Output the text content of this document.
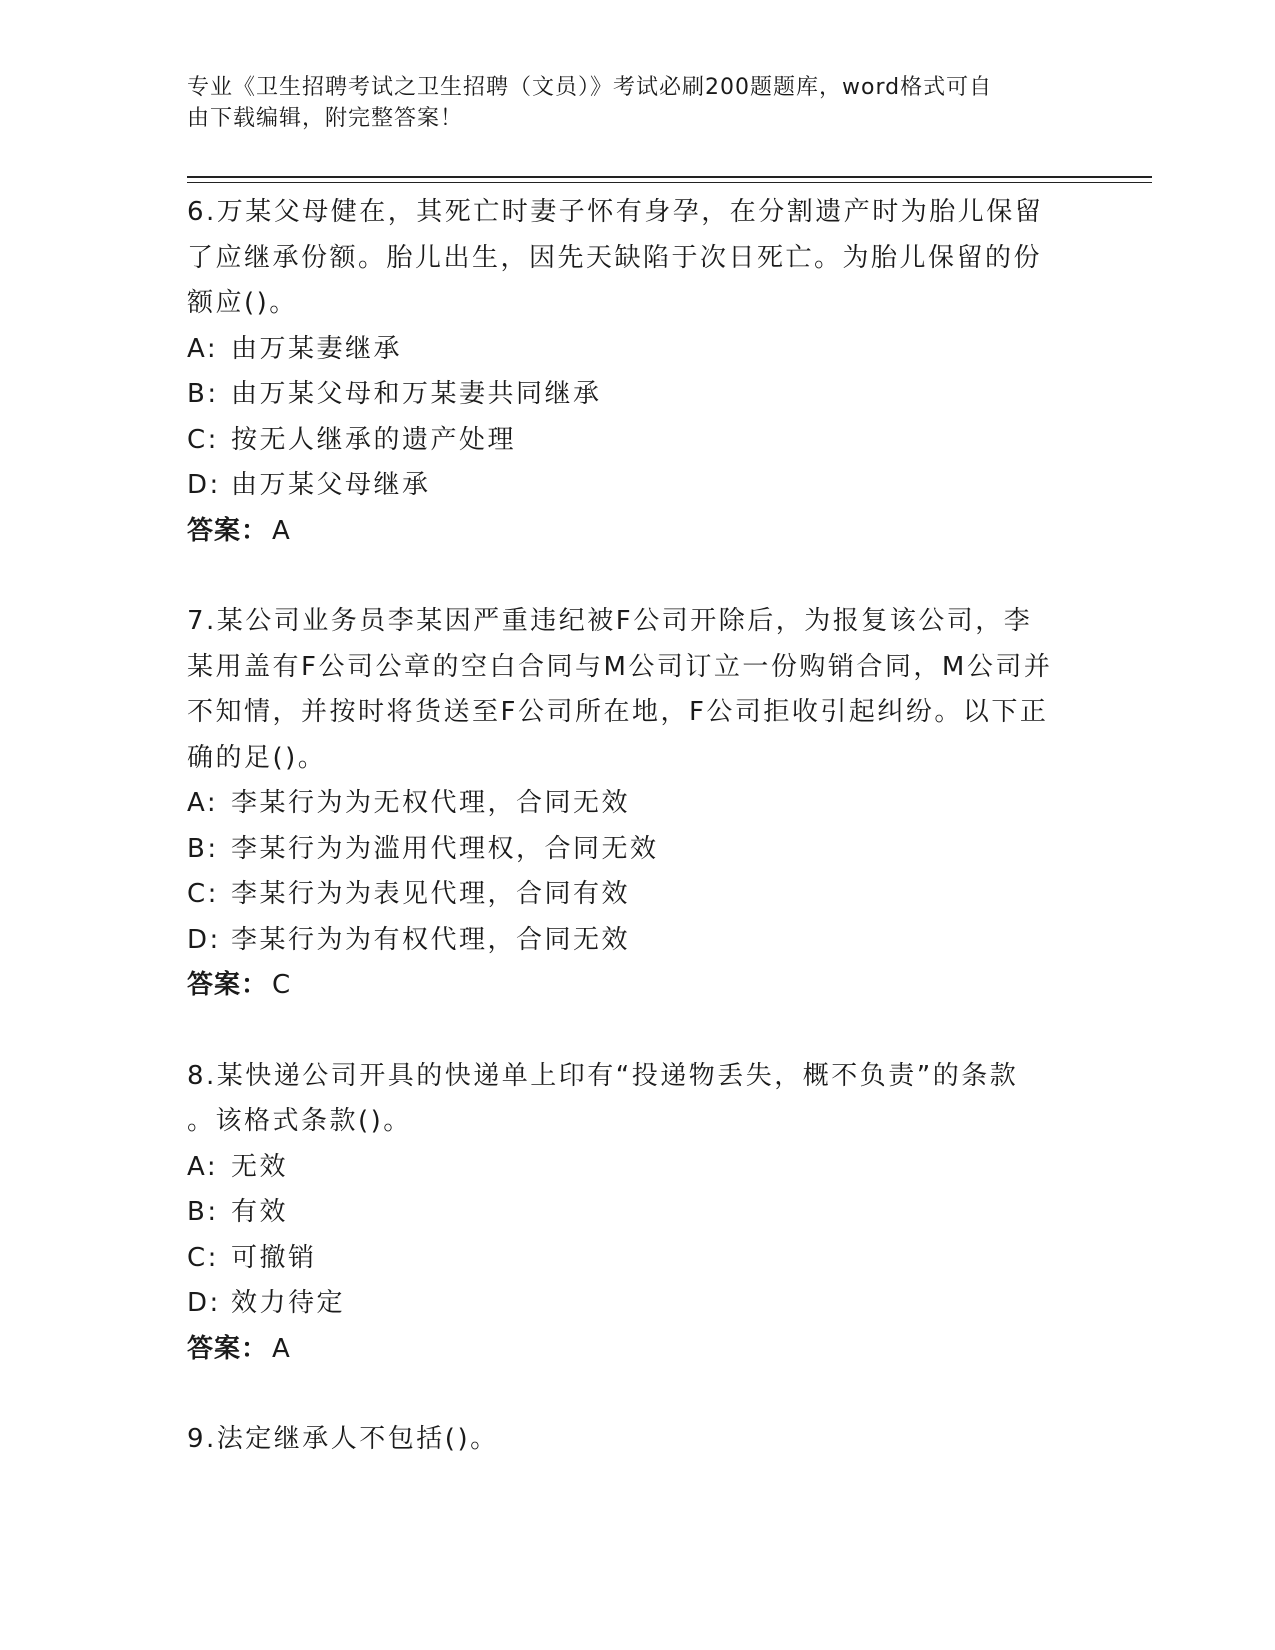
专业《卫生招聘考试之卫生招聘（文员）》考试必刷200题题库，word格式可自
由下载编辑，附完整答案！

6.万某父母健在，其死亡时妻子怀有身孕，在分割遗产时为胎儿保留
了应继承份额。胎儿出生，因先天缺陷于次日死亡。为胎儿保留的份
额应()。

A: 由万某妻继承
B: 由万某父母和万某妻共同继承
C: 按无人继承的遗产处理
D: 由万某父母继承
答案： A

7.某公司业务员李某因严重违纪被F公司开除后，为报复该公司，李
某用盖有F公司公章的空白合同与M公司订立一份购销合同，M公司并
不知情，并按时将货送至F公司所在地，F公司拒收引起纠纷。以下正
确的足()。

A: 李某行为为无权代理，合同无效
B: 李某行为为滥用代理权，合同无效
C: 李某行为为表见代理，合同有效
D: 李某行为为有权代理，合同无效
答案： C

8.某快递公司开具的快递单上印有“投递物丢失，概不负责”的条款
。该格式条款()。

A: 无效
B: 有效
C: 可撤销
D: 效力待定
答案： A

9.法定继承人不包括()。
